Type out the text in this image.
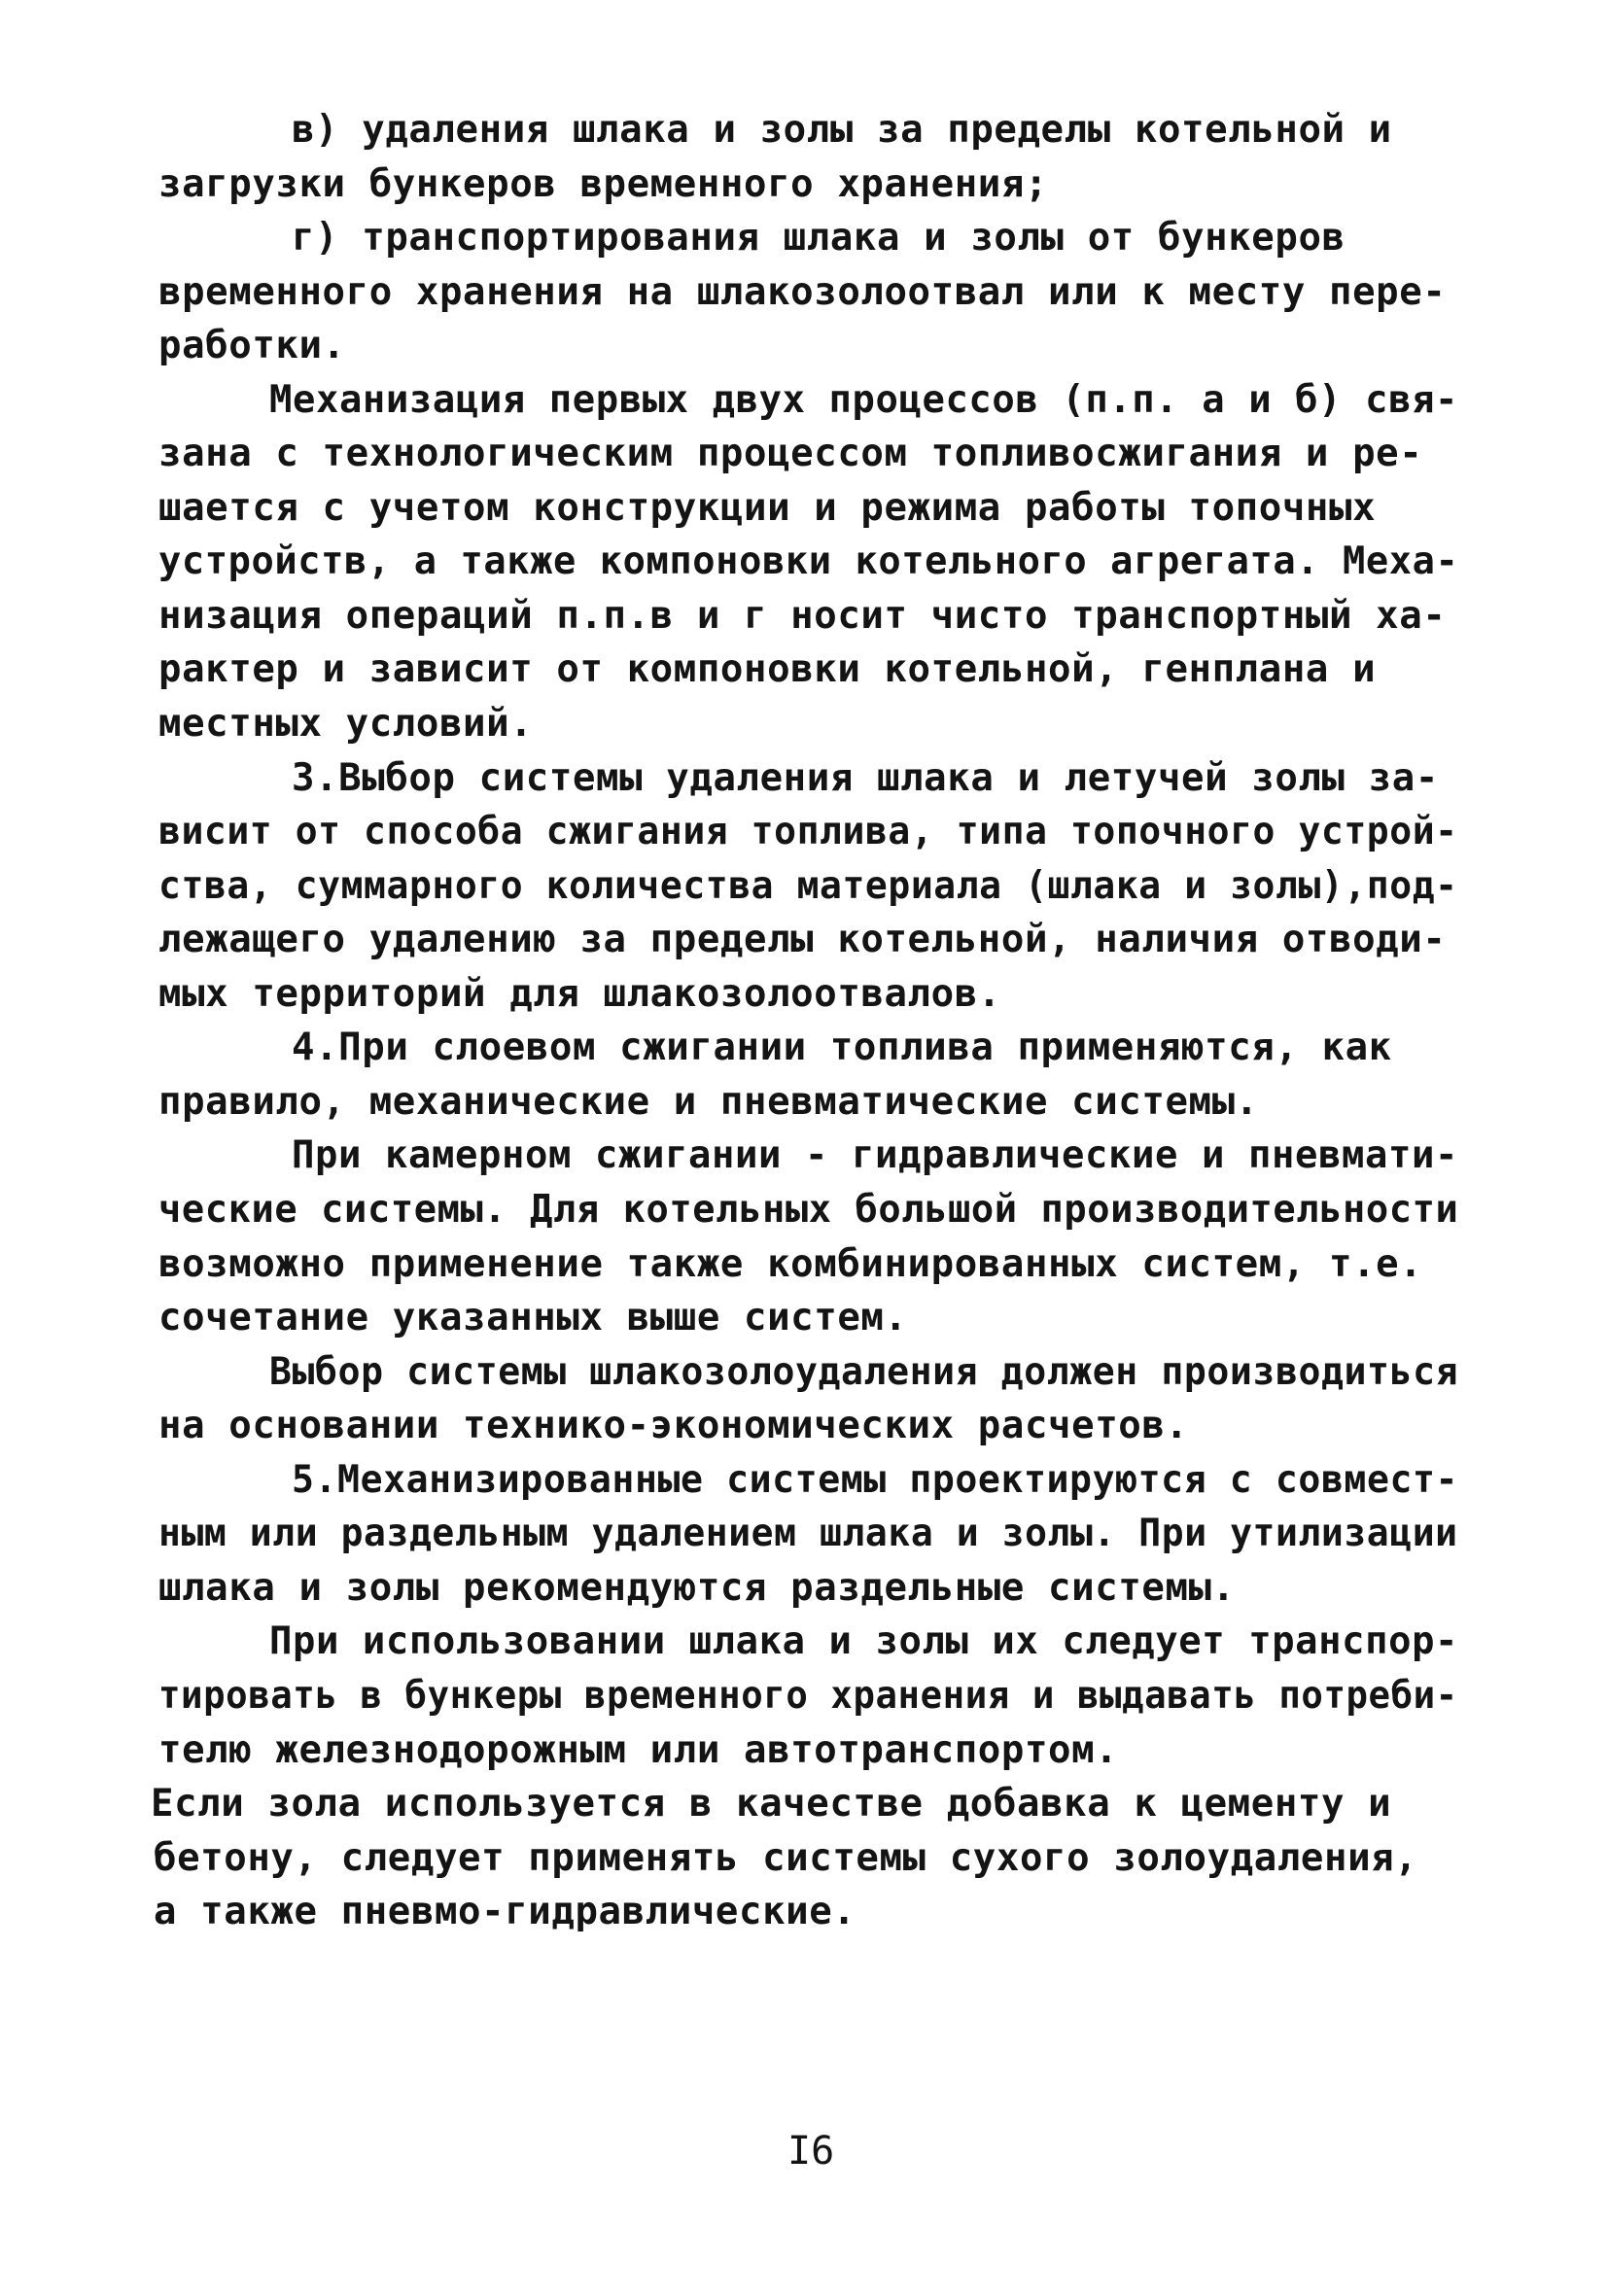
в) удаления шлака и золы за пределы котельной и

загрузки бункеров временного хранения;

г) транспортирования шлака и золы от бункеров

временного хранения на шлакозолоотвал или к месту пере-

работки.

Механизация первых двух процессов (п.п. а и б) свя-

зана с технологическим процессом топливосжигания и ре-

шается с учетом конструкции и режима работы топочных

устройств, а также компоновки котельного агрегата. Меха-

низация операций п.п.в и г носит чисто транспортный ха-

рактер и зависит от компоновки котельной, генплана и

местных условий.

3.Выбор системы удаления шлака и летучей золы за-

висит от способа сжигания топлива, типа топочного устрой-

ства, суммарного количества материала (шлака и золы),под-

лежащего удалению за пределы котельной, наличия отводи-

мых территорий для шлакозолоотвалов.

4.При слоевом сжигании топлива применяются, как

правило, механические и пневматические системы.

При камерном сжигании - гидравлические и пневмати-

ческие системы. Для котельных большой производительности

возможно применение также комбинированных систем, т.е.

сочетание указанных выше систем.

Выбор системы шлакозолоудаления должен производиться

на основании технико-экономических расчетов.

5.Механизированные системы проектируются с совмест-

ным или раздельным удалением шлака и золы. При утилизации

шлака и золы рекомендуются раздельные системы.

При использовании шлака и золы их следует транспор-

тировать в бункеры временного хранения и выдавать потреби-

телю железнодорожным или автотранспортом.

Если зола используется в качестве добавка к цементу и

бетону, следует применять системы сухого золоудаления,

а также пневмо-гидравлические.

I6
